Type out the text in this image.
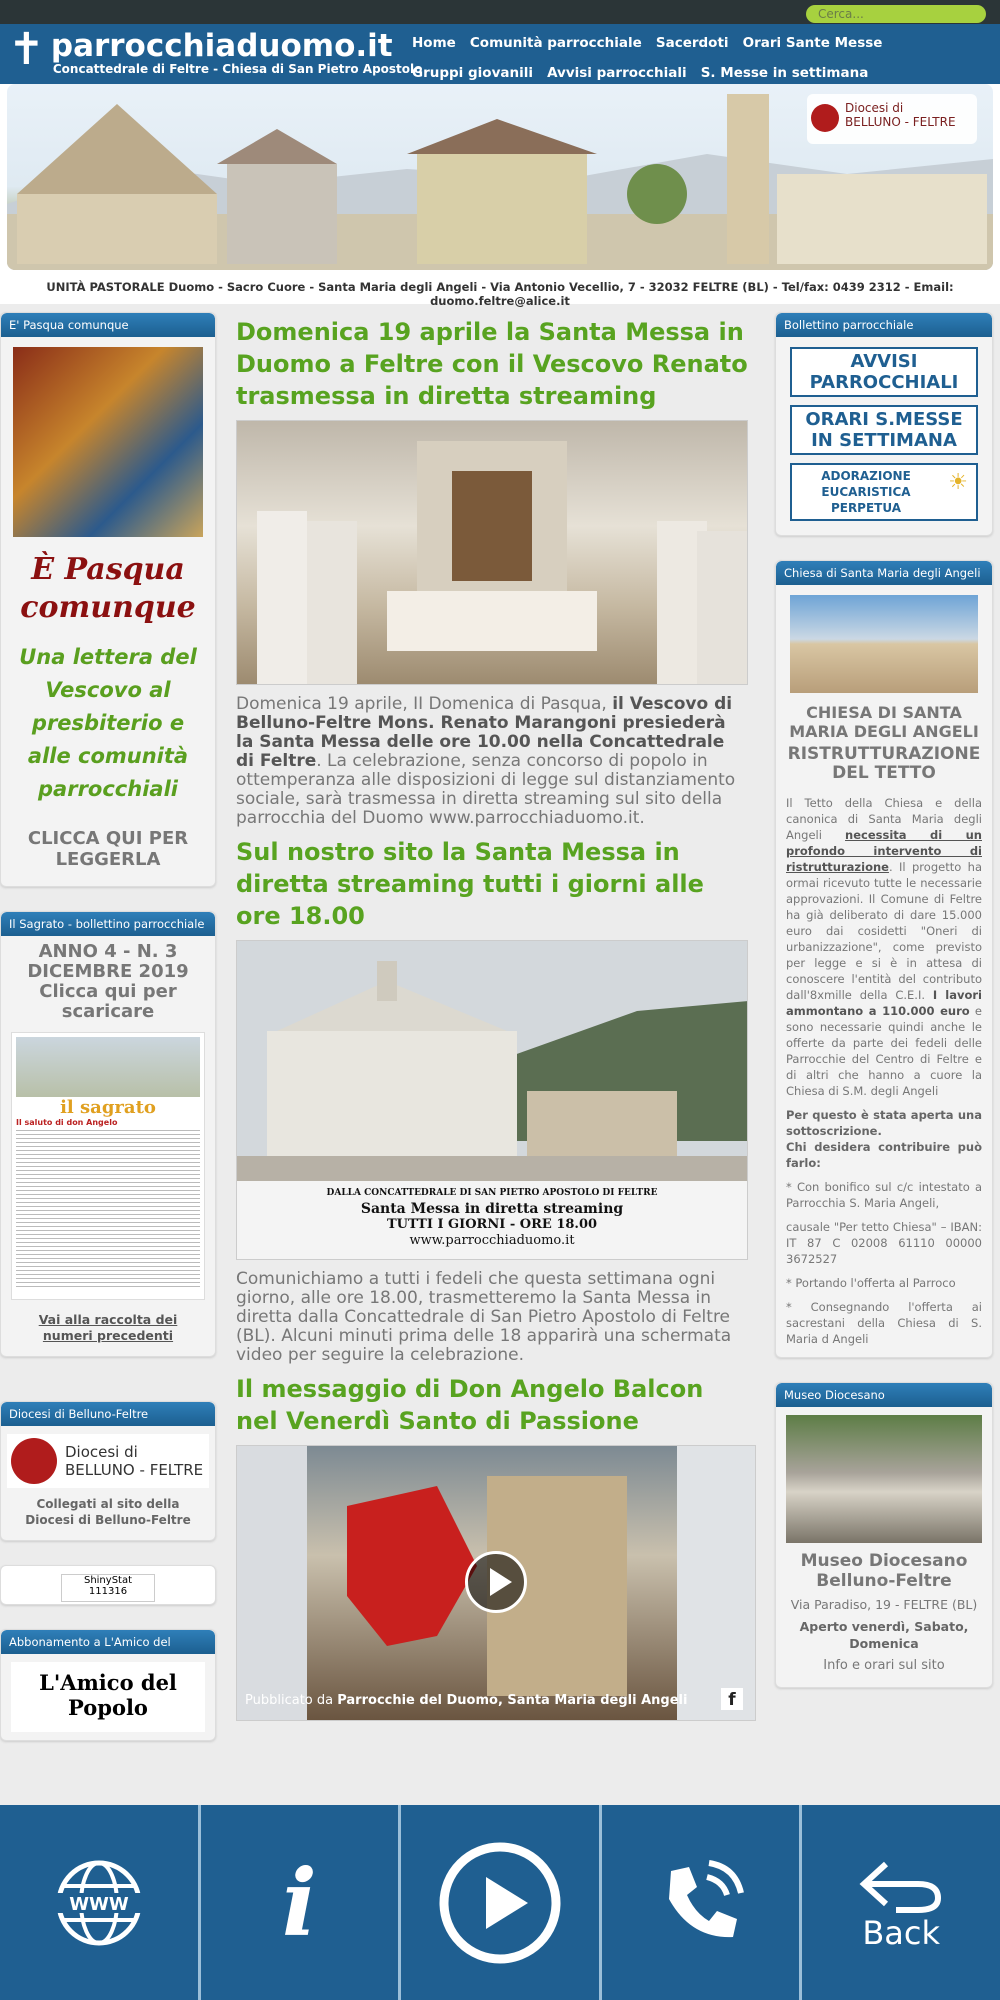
Cerca...
✝ parrocchiaduomo.it
Concattedrale di Feltre - Chiesa di San Pietro Apostolo
Home Comunità parrocchiale Sacerdoti Orari Sante Messe Gruppi giovanili Avvisi parrocchiali S. Messe in settimana
Diocesi di
BELLUNO - FELTRE
UNITÀ PASTORALE Duomo - Sacro Cuore - Santa Maria degli Angeli - Via Antonio Vecellio, 7 - 32032 FELTRE (BL) - Tel/fax: 0439 2312 - Email: duomo.feltre@alice.it
E' Pasqua comunque
È Pasqua comunque
Una lettera del Vescovo al presbiterio e alle comunità parrocchiali
CLICCA QUI PER LEGGERLA
Il Sagrato - bollettino parrocchiale
ANNO 4 - N. 3 DICEMBRE 2019
Clicca qui per scaricare
il sagrato
Il saluto di don Angelo
Vai alla raccolta dei numeri precedenti
Diocesi di Belluno-Feltre
Diocesi di
BELLUNO - FELTRE
Collegati al sito della Diocesi di Belluno-Feltre
ShinyStat
111316
Abbonamento a L'Amico del
L'Amico del Popolo
Domenica 19 aprile la Santa Messa in Duomo a Feltre con il Vescovo Renato trasmessa in diretta streaming
Domenica 19 aprile, II Domenica di Pasqua, il Vescovo di Belluno-Feltre Mons. Renato Marangoni presiederà la Santa Messa delle ore 10.00 nella Concattedrale di Feltre. La celebrazione, senza concorso di popolo in ottemperanza alle disposizioni di legge sul distanziamento sociale, sarà trasmessa in diretta streaming sul sito della parrocchia del Duomo www.parrocchiaduomo.it.
Sul nostro sito la Santa Messa in diretta streaming tutti i giorni alle ore 18.00
DALLA CONCATTEDRALE DI SAN PIETRO APOSTOLO DI FELTRE
Santa Messa in diretta streaming
TUTTI I GIORNI - ORE 18.00
www.parrocchiaduomo.it
Comunichiamo a tutti i fedeli che questa settimana ogni giorno, alle ore 18.00, trasmetteremo la Santa Messa in diretta dalla Concattedrale di San Pietro Apostolo di Feltre (BL). Alcuni minuti prima delle 18 apparirà una schermata video per seguire la celebrazione.
Il messaggio di Don Angelo Balcon nel Venerdì Santo di Passione
Pubblicato da Parrocchie del Duomo, Santa Maria degli Angeli	f
Bollettino parrocchiale
AVVISI PARROCCHIALI
ORARI S.MESSE IN SETTIMANA
ADORAZIONE EUCARISTICA PERPETUA
☀
Chiesa di Santa Maria degli Angeli
CHIESA DI SANTA MARIA DEGLI ANGELI
RISTRUTTURAZIONE DEL TETTO
Il Tetto della Chiesa e della canonica di Santa Maria degli Angeli necessita di un profondo intervento di ristrutturazione. Il progetto ha ormai ricevuto tutte le necessarie approvazioni. Il Comune di Feltre ha già deliberato di dare 15.000 euro dai cosidetti "Oneri di urbanizzazione", come previsto per legge e si è in attesa di conoscere l'entità del contributo dall'8xmille della C.E.I. I lavori ammontano a 110.000 euro e sono necessarie quindi anche le offerte da parte dei fedeli delle Parrocchie del Centro di Feltre e di altri che hanno a cuore la Chiesa di S.M. degli Angeli
Per questo è stata aperta una sottoscrizione.
Chi desidera contribuire può farlo:
* Con bonifico sul c/c intestato a Parrocchia S. Maria Angeli,
causale "Per tetto Chiesa" – IBAN: IT 87 C 02008 61110 00000 3672527
* Portando l'offerta al Parroco
* Consegnando l'offerta ai sacrestani della Chiesa di S. Maria d Angeli
Museo Diocesano
Museo Diocesano Belluno-Feltre
Via Paradiso, 19 - FELTRE (BL)
Aperto venerdì, Sabato, Domenica
Info e orari sul sito
WWW i	Back
